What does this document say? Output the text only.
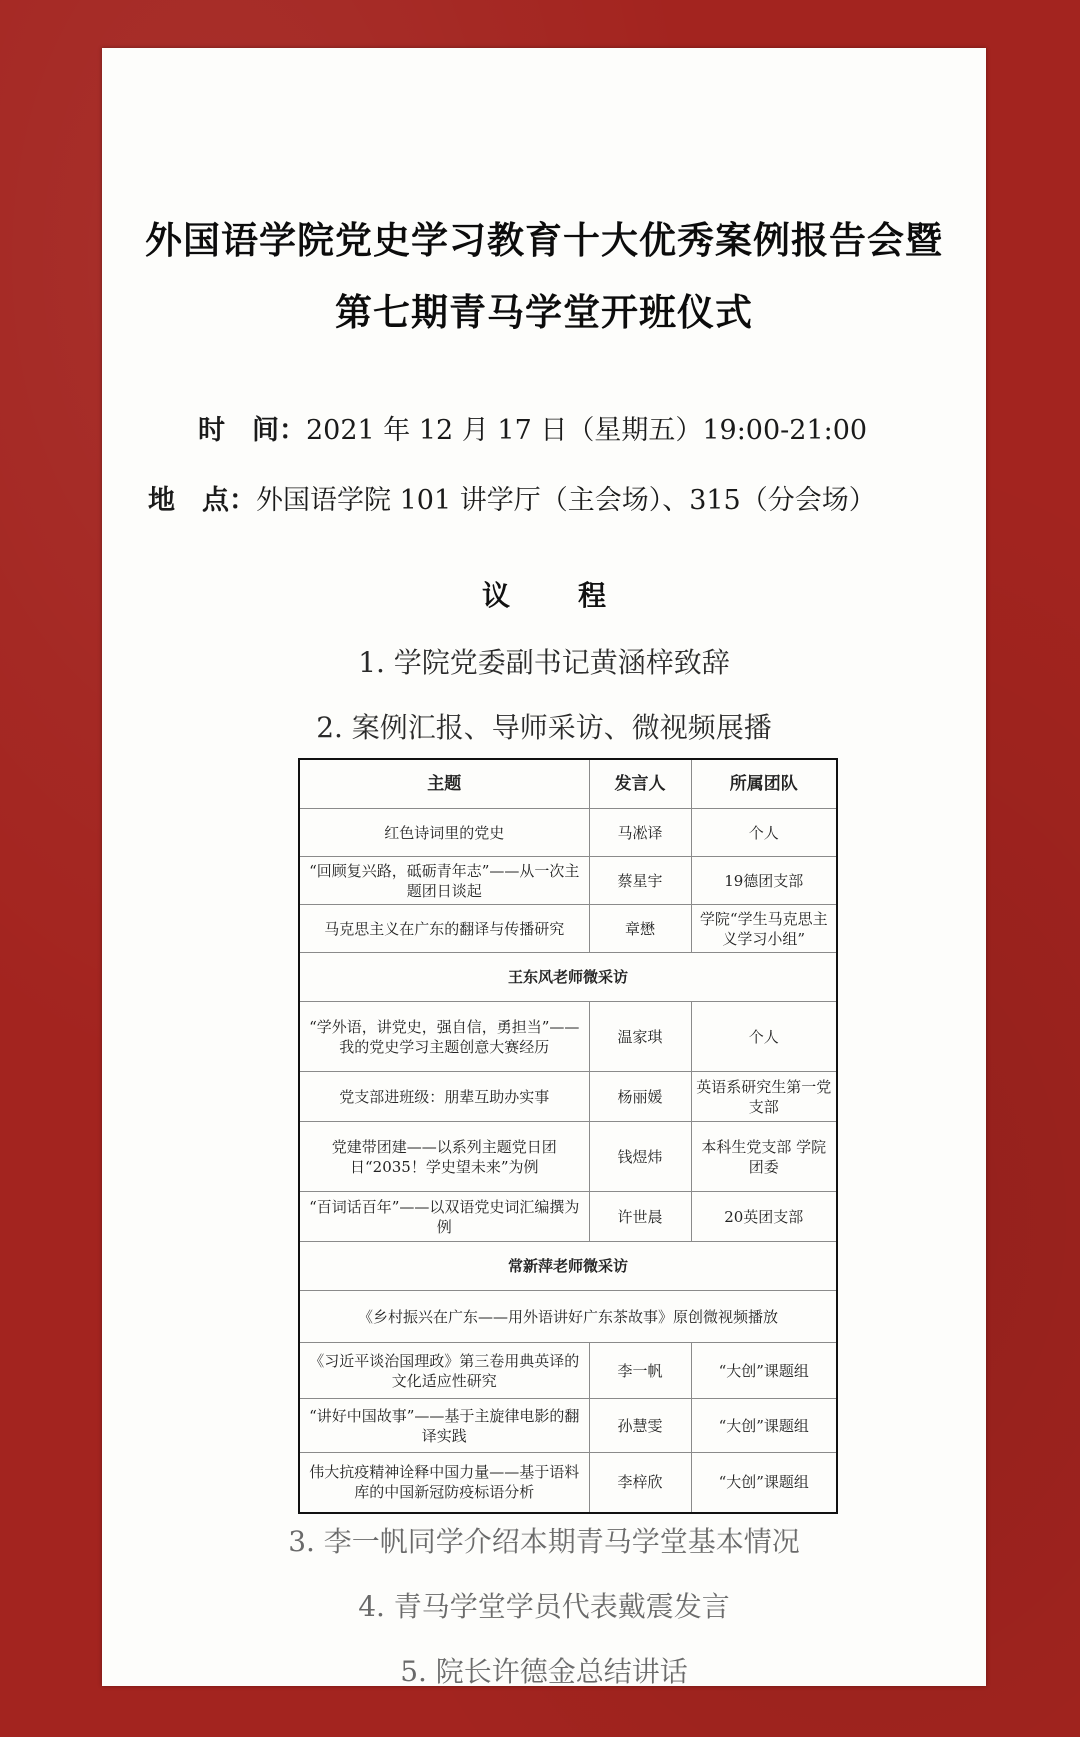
外国语学院党史学习教育十大优秀案例报告会暨
第七期青马学堂开班仪式
时　间：2021 年 12 月 17 日（星期五）19:00-21:00
地　点：外国语学院 101 讲学厅（主会场）、315（分会场）
议　程
1. 学院党委副书记黄涵梓致辞
2. 案例汇报、导师采访、微视频展播
主题	发言人	所属团队
红色诗词里的党史	马凇译	个人
“回顾复兴路，砥砺青年志”——从一次主题团日谈起	蔡星宇	19德团支部
马克思主义在广东的翻译与传播研究	章懋	学院“学生马克思主义学习小组”
王东风老师微采访		
“学外语，讲党史，强自信，勇担当”——我的党史学习主题创意大赛经历	温家琪	个人
党支部进班级：朋辈互助办实事	杨丽媛	英语系研究生第一党支部
党建带团建——以系列主题党日团日“2035！学史望未来”为例	钱煜炜	本科生党支部 学院团委
“百词话百年”——以双语党史词汇编撰为例	许世晨	20英团支部
常新萍老师微采访		
《乡村振兴在广东——用外语讲好广东茶故事》原创微视频播放		
《习近平谈治国理政》第三卷用典英译的文化适应性研究	李一帆	“大创”课题组
“讲好中国故事”——基于主旋律电影的翻译实践	孙慧雯	“大创”课题组
伟大抗疫精神诠释中国力量——基于语料库的中国新冠防疫标语分析	李梓欣	“大创”课题组
3. 李一帆同学介绍本期青马学堂基本情况
4. 青马学堂学员代表戴震发言
5. 院长许德金总结讲话
